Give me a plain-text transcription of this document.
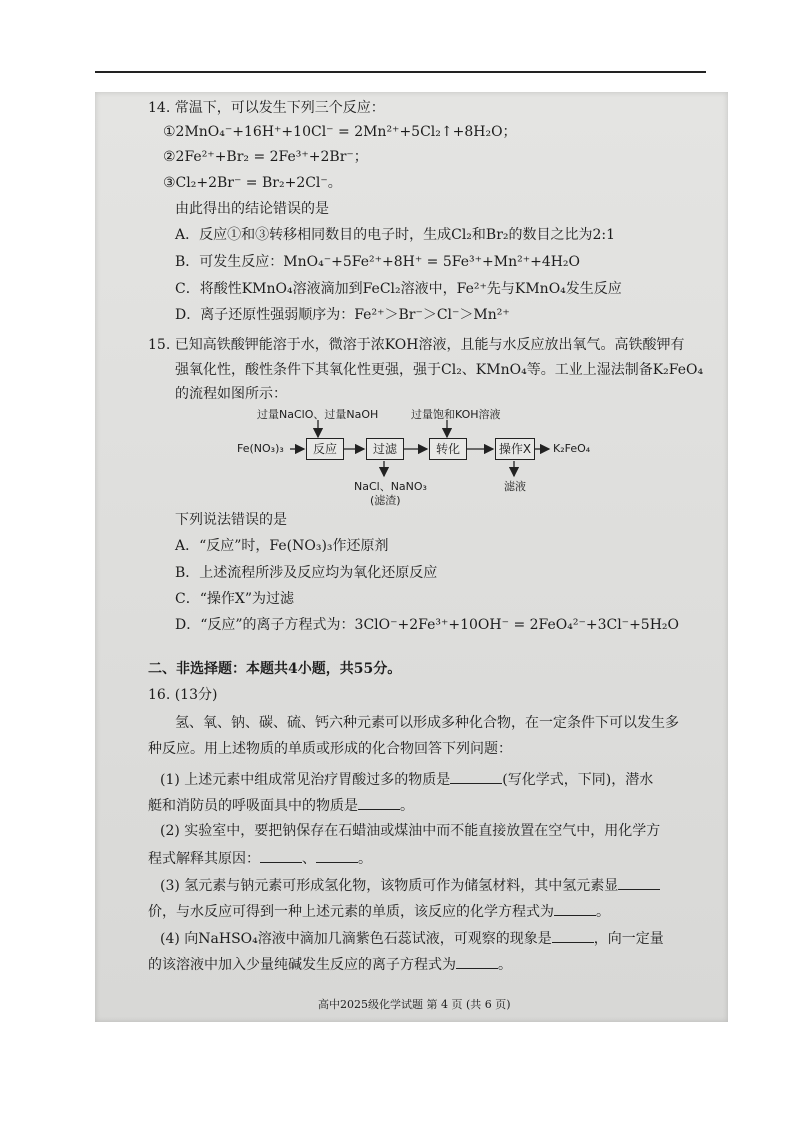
14. 常温下，可以发生下列三个反应：
①2MnO₄⁻+16H⁺+10Cl⁻ = 2Mn²⁺+5Cl₂↑+8H₂O；
②2Fe²⁺+Br₂ = 2Fe³⁺+2Br⁻；
③Cl₂+2Br⁻ = Br₂+2Cl⁻。
由此得出的结论错误的是
A．反应①和③转移相同数目的电子时，生成Cl₂和Br₂的数目之比为2:1
B．可发生反应：MnO₄⁻+5Fe²⁺+8H⁺ = 5Fe³⁺+Mn²⁺+4H₂O
C．将酸性KMnO₄溶液滴加到FeCl₂溶液中，Fe²⁺先与KMnO₄发生反应
D．离子还原性强弱顺序为：Fe²⁺＞Br⁻＞Cl⁻＞Mn²⁺
15. 已知高铁酸钾能溶于水，微溶于浓KOH溶液，且能与水反应放出氧气。高铁酸钾有
强氧化性，酸性条件下其氧化性更强，强于Cl₂、KMnO₄等。工业上湿法制备K₂FeO₄
的流程如图所示：
过量NaClO、过量NaOH	过量饱和KOH溶液
Fe(NO₃)₃	反应	过滤	转化	操作X	K₂FeO₄
NaCl、NaNO₃
(滤渣)
滤液
下列说法错误的是
A．“反应”时，Fe(NO₃)₃作还原剂
B．上述流程所涉及反应均为氧化还原反应
C．“操作X”为过滤
D．“反应”的离子方程式为：3ClO⁻+2Fe³⁺+10OH⁻ = 2FeO₄²⁻+3Cl⁻+5H₂O
二、非选择题：本题共4小题，共55分。
16. (13分)
氢、氧、钠、碳、硫、钙六种元素可以形成多种化合物，在一定条件下可以发生多
种反应。用上述物质的单质或形成的化合物回答下列问题：
(1) 上述元素中组成常见治疗胃酸过多的物质是	(写化学式，下同)，潜水
艇和消防员的呼吸面具中的物质是	。
(2) 实验室中，要把钠保存在石蜡油或煤油中而不能直接放置在空气中，用化学方
程式解释其原因：	、	。
(3) 氢元素与钠元素可形成氢化物，该物质可作为储氢材料，其中氢元素显
价，与水反应可得到一种上述元素的单质，该反应的化学方程式为	。
(4) 向NaHSO₄溶液中滴加几滴紫色石蕊试液，可观察的现象是	，向一定量
的该溶液中加入少量纯碱发生反应的离子方程式为	。
高中2025级化学试题 第 4 页 (共 6 页)
